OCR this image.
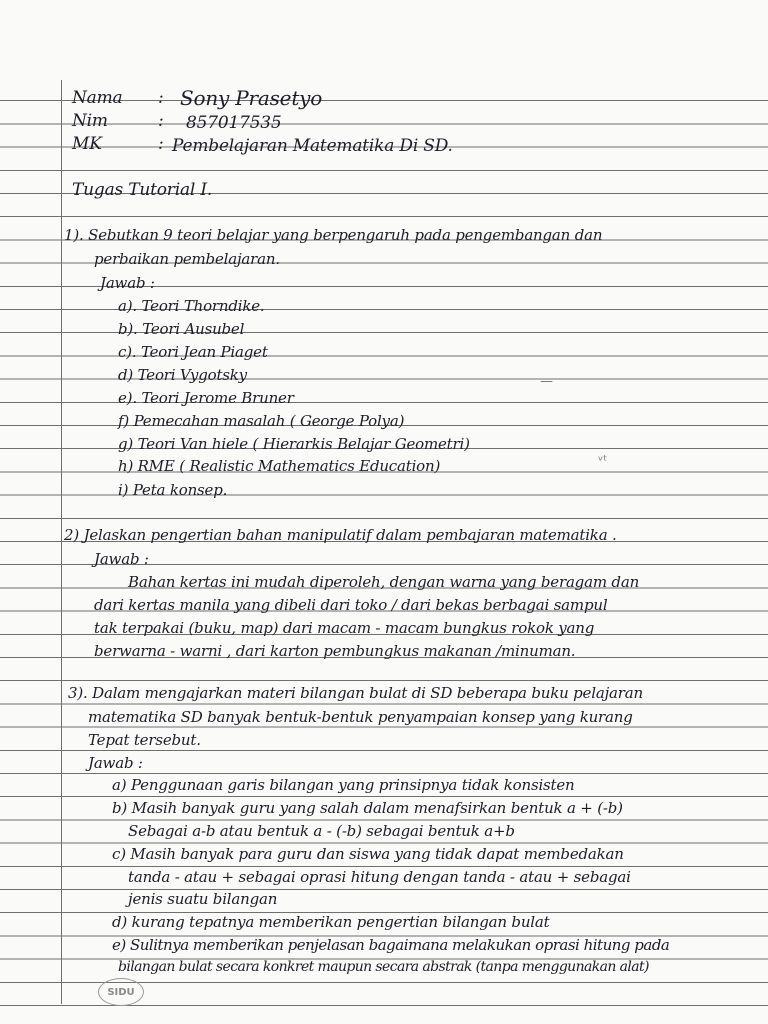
Nama : Sony Prasetyo
Nim	: 857017535
MK	: Pembelajaran Matematika Di SD.
Tugas Tutorial I.
1). Sebutkan 9 teori belajar yang berpengaruh pada pengembangan dan
perbaikan pembelajaran.
Jawab :
a). Teori Thorndike.
b). Teori Ausubel
c). Teori Jean Piaget
d) Teori Vygotsky
e). Teori Jerome Bruner
f) Pemecahan masalah ( George Polya)
g) Teori Van hiele ( Hierarkis Belajar Geometri)
h) RME ( Realistic Mathematics Education)
i) Peta konsep.
—
ᵛᵗ
2) Jelaskan pengertian bahan manipulatif dalam pembajaran matematika .
Jawab :
Bahan kertas ini mudah diperoleh, dengan warna yang beragam dan
dari kertas manila yang dibeli dari toko / dari bekas berbagai sampul
tak terpakai (buku, map) dari macam - macam bungkus rokok yang
berwarna - warni , dari karton pembungkus makanan /minuman.
3). Dalam mengajarkan materi bilangan bulat di SD beberapa buku pelajaran
matematika SD banyak bentuk-bentuk penyampaian konsep yang kurang
Tepat tersebut.
Jawab :
a) Penggunaan garis bilangan yang prinsipnya tidak konsisten
b) Masih banyak guru yang salah dalam menafsirkan bentuk a + (-b)
Sebagai a-b atau bentuk a - (-b) sebagai bentuk a+b
c) Masih banyak para guru dan siswa yang tidak dapat membedakan
tanda - atau + sebagai oprasi hitung dengan tanda - atau + sebagai
jenis suatu bilangan
d) kurang tepatnya memberikan pengertian bilangan bulat
e) Sulitnya memberikan penjelasan bagaimana melakukan oprasi hitung pada
bilangan bulat secara konkret maupun secara abstrak (tanpa menggunakan alat)
SIDU
